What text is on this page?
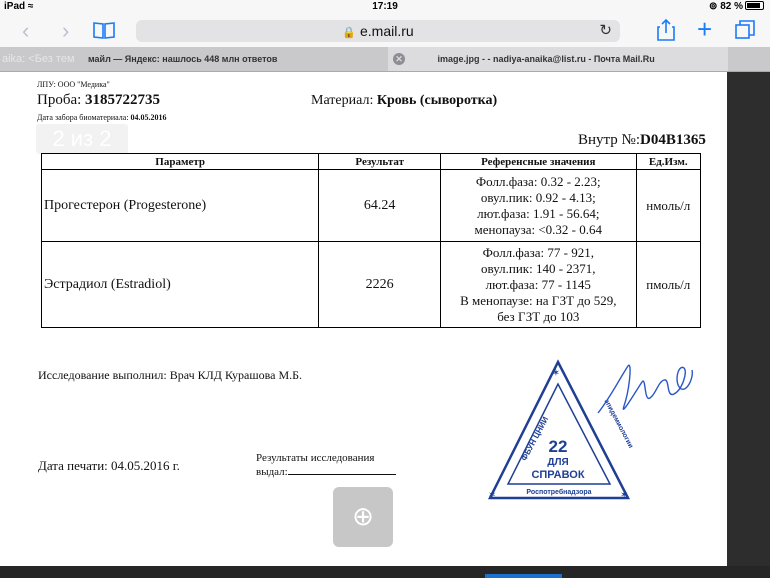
iPad ≈	17:19	⊚ 82 %
‹ ›	🔒 e.mail.ru	↻	+
aika: <Без тем	майл — Яндекс: нашлось 448 млн ответов	✕	image.jpg - - nadiya-anaika@list.ru - Почта Mail.Ru
ЛПУ: ООО "Медика"
Проба: 3185722735
Дата забора биоматериала: 04.05.2016
Материал: Кровь (сыворотка)
2 из 2	Внутр №:D04B1365
Параметр	Результат	Референсные значения	Ед.Изм.
Прогестерон (Progesterone)	64.24	Фолл.фаза: 0.32 - 2.23;
овул.пик: 0.92 - 4.13;
лют.фаза: 1.91 - 56.64;
менопауза: <0.32 - 0.64	нмоль/л
Эстрадиол (Estradiol)	2226	Фолл.фаза: 77 - 921,
овул.пик: 140 - 2371,
лют.фаза: 77 - 1145
В менопаузе: на ГЗТ до 529,
без ГЗТ до 103	пмоль/л
Исследование выполнил: Врач КЛД Курашова М.Б.
Дата печати: 04.05.2016 г.	Результаты исследования
выдал:
⊕
ФБУН ЦНИИ	эпидемиологии
22
ДЛЯ
СПРАВОК
Роспотребнадзора
✶
✶	✶
